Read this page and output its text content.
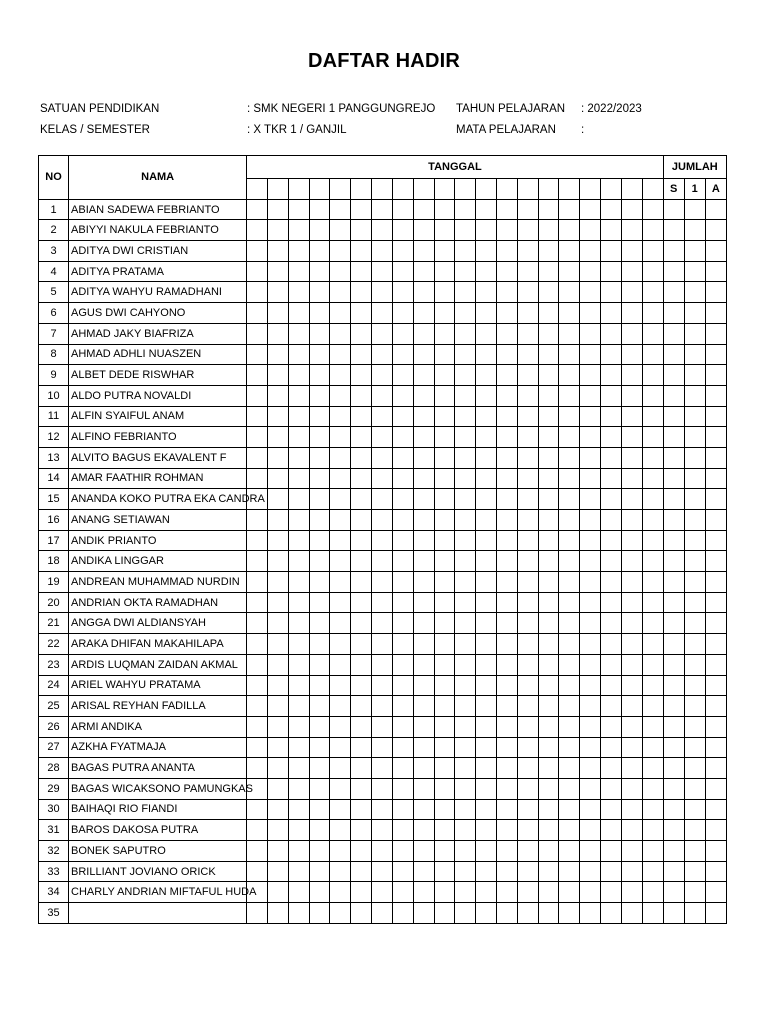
DAFTAR HADIR
SATUAN PENDIDIKAN	: SMK NEGERI 1 PANGGUNGREJO TAHUN PELAJARAN : 2022/2023
KELAS / SEMESTER	: X TKR 1 / GANJIL	MATA PELAJARAN :
NO	NAMA	TANGGAL																				JUMLAH		
																						S	1	A
1	ABIAN SADEWA FEBRIANTO																							
2	ABIYYI NAKULA FEBRIANTO																							
3	ADITYA DWI CRISTIAN																							
4	ADITYA PRATAMA																							
5	ADITYA WAHYU RAMADHANI																							
6	AGUS DWI CAHYONO																							
7	AHMAD JAKY BIAFRIZA																							
8	AHMAD ADHLI NUASZEN																							
9	ALBET DEDE RISWHAR																							
10	ALDO PUTRA NOVALDI																							
11	ALFIN SYAIFUL ANAM																							
12	ALFINO FEBRIANTO																							
13	ALVITO BAGUS EKAVALENT F																							
14	AMAR FAATHIR ROHMAN																							
15	ANANDA KOKO PUTRA EKA CANDRA																							
16	ANANG SETIAWAN																							
17	ANDIK PRIANTO																							
18	ANDIKA LINGGAR																							
19	ANDREAN MUHAMMAD NURDIN																							
20	ANDRIAN OKTA RAMADHAN																							
21	ANGGA DWI ALDIANSYAH																							
22	ARAKA DHIFAN MAKAHILAPA																							
23	ARDIS LUQMAN ZAIDAN AKMAL																							
24	ARIEL WAHYU PRATAMA																							
25	ARISAL REYHAN FADILLA																							
26	ARMI ANDIKA																							
27	AZKHA FYATMAJA																							
28	BAGAS PUTRA ANANTA																							
29	BAGAS WICAKSONO PAMUNGKAS																							
30	BAIHAQI RIO FIANDI																							
31	BAROS DAKOSA PUTRA																							
32	BONEK SAPUTRO																							
33	BRILLIANT JOVIANO ORICK																							
34	CHARLY ANDRIAN MIFTAFUL HUDA																							
35																								
